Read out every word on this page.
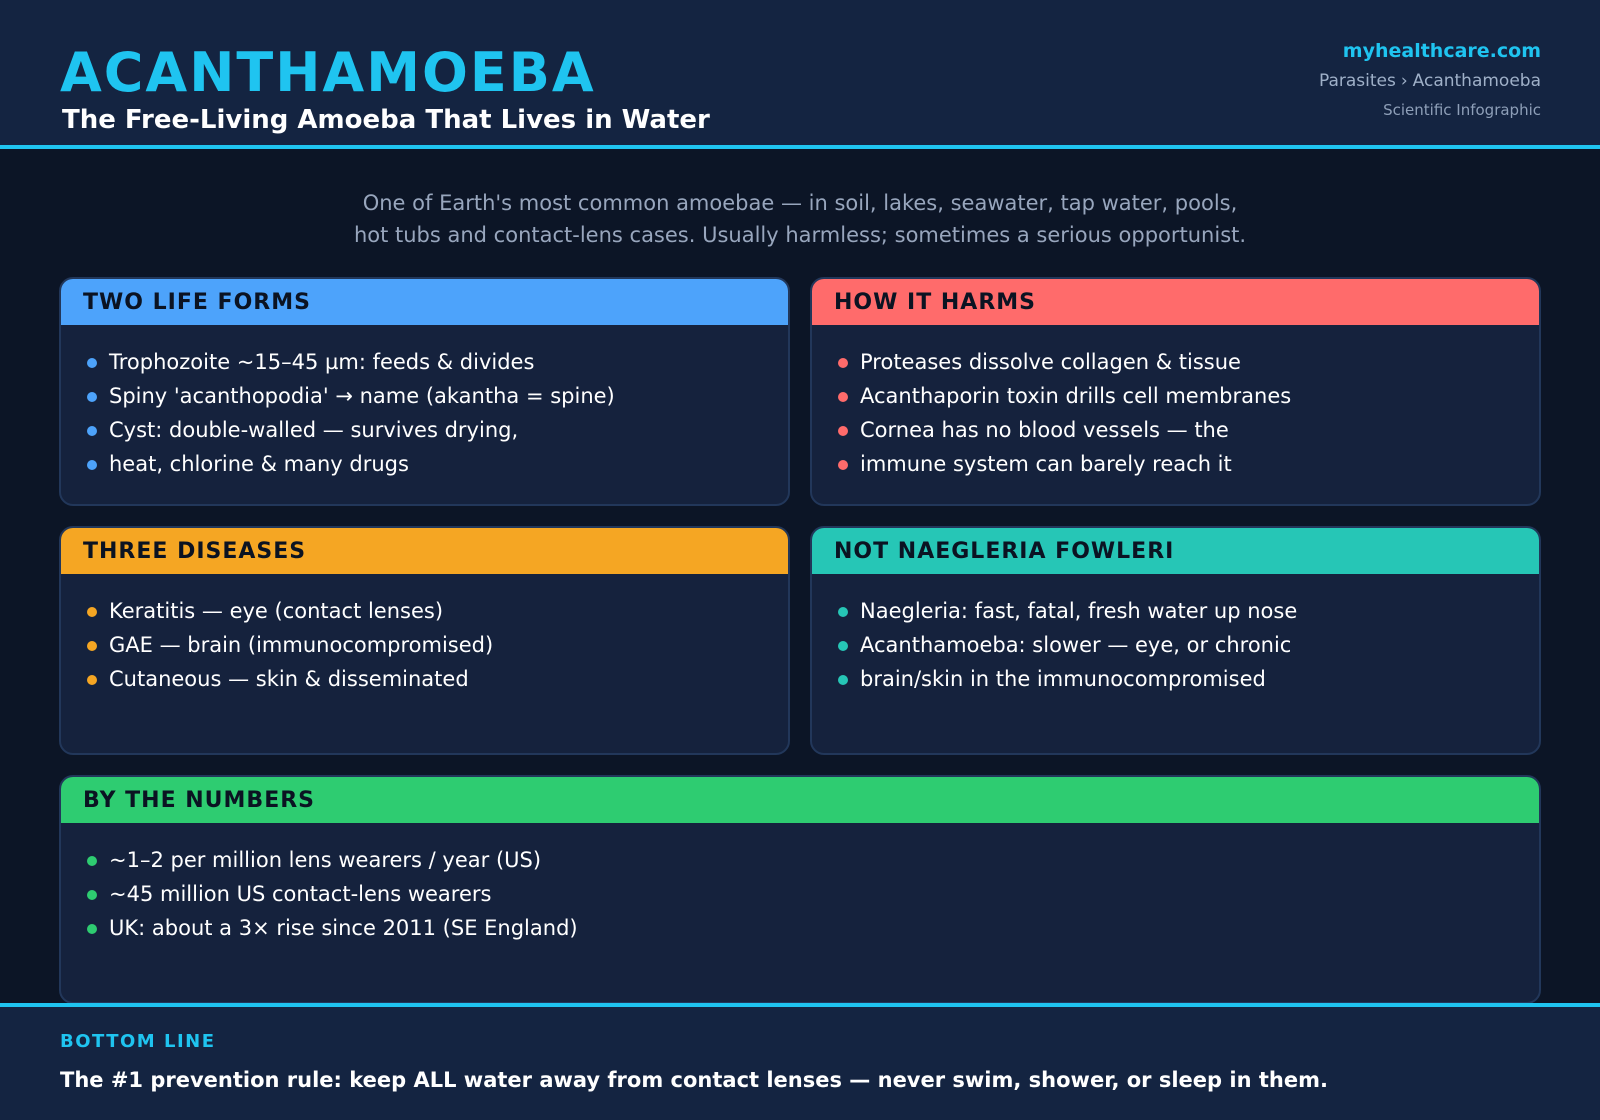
ACANTHAMOEBA
The Free-Living Amoeba That Lives in Water
myhealthcare.com
Parasites › Acanthamoeba
Scientific Infographic
One of Earth's most common amoebae — in soil, lakes, seawater, tap water, pools,
hot tubs and contact-lens cases. Usually harmless; sometimes a serious opportunist.
TWO LIFE FORMS
Trophozoite ~15–45 µm: feeds & divides
Spiny 'acanthopodia' → name (akantha = spine)
Cyst: double-walled — survives drying,
heat, chlorine & many drugs
HOW IT HARMS
Proteases dissolve collagen & tissue
Acanthaporin toxin drills cell membranes
Cornea has no blood vessels — the
immune system can barely reach it
THREE DISEASES
Keratitis — eye (contact lenses)
GAE — brain (immunocompromised)
Cutaneous — skin & disseminated
NOT NAEGLERIA FOWLERI
Naegleria: fast, fatal, fresh water up nose
Acanthamoeba: slower — eye, or chronic
brain/skin in the immunocompromised
BY THE NUMBERS
~1–2 per million lens wearers / year (US)
~45 million US contact-lens wearers
UK: about a 3× rise since 2011 (SE England)
BOTTOM LINE
The #1 prevention rule: keep ALL water away from contact lenses — never swim, shower, or sleep in them.
